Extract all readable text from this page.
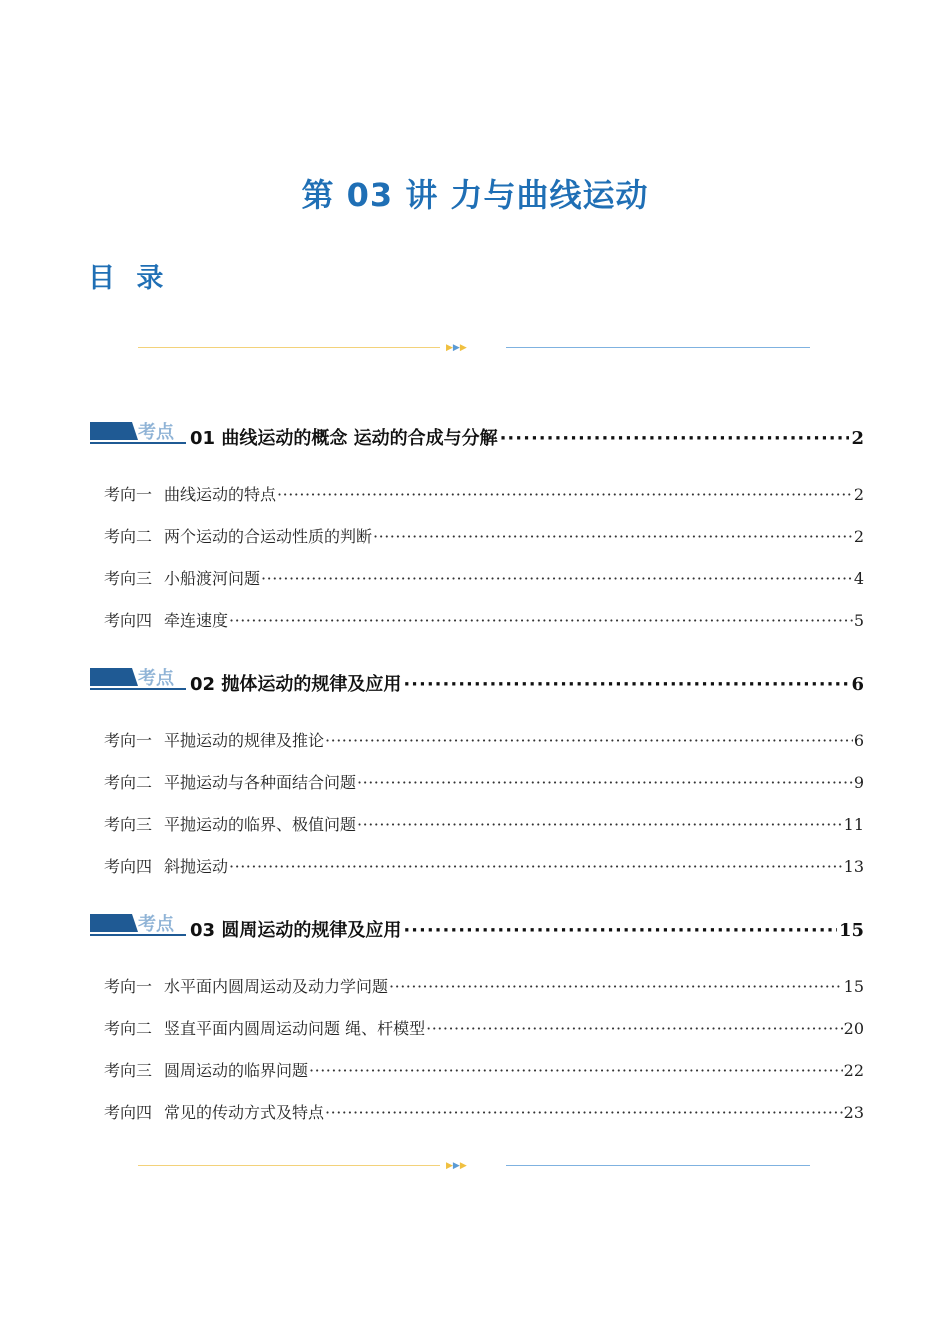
第 03 讲 力与曲线运动
目 录
▶▶▶
考点 01 曲线运动的概念 运动的合成与分解 ·····	2
考向一 曲线运动的特点 ·····	2
考向二 两个运动的合运动性质的判断 ·····	2
考向三 小船渡河问题 ·····	4
考向四 牵连速度 ·····	5
考点 02 抛体运动的规律及应用 ·····	6
考向一 平抛运动的规律及推论 ·····	6
考向二 平抛运动与各种面结合问题 ·····	9
考向三 平抛运动的临界、极值问题 ·····	11
考向四 斜抛运动 ·····	13
考点 03 圆周运动的规律及应用 ·····	15
考向一 水平面内圆周运动及动力学问题 ·····	15
考向二 竖直平面内圆周运动问题 绳、杆模型 ·····	20
考向三 圆周运动的临界问题 ·····	22
考向四 常见的传动方式及特点 ·····	23
▶▶▶
